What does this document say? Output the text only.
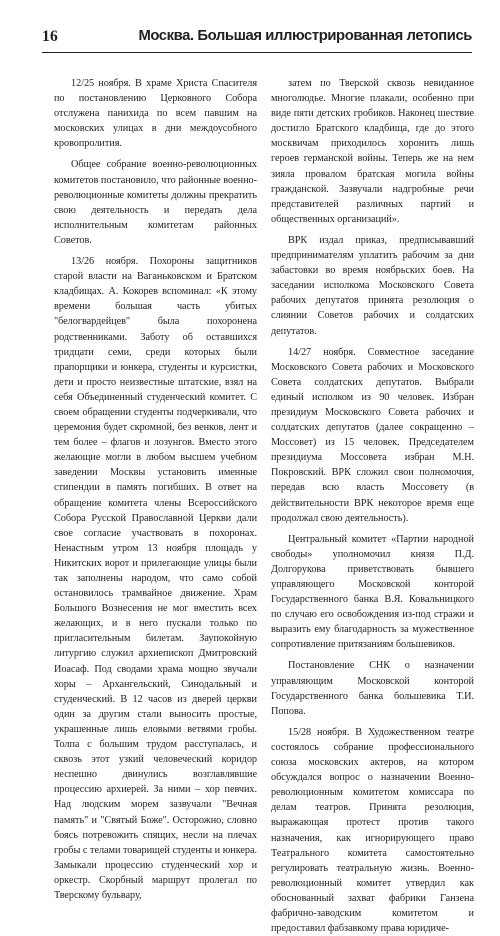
16	Москва. Большая иллюстрированная летопись

12/25 ноября. В храме Христа Спасителя по постановлению Церковного Собора отслужена панихида по всем павшим на московских улицах в дни междоусобного кровопролития.

Общее собрание военно-революционных комитетов постановило, что районные военно-революционные комитеты должны прекратить свою деятельность и передать дела исполнительным комитетам районных Советов.

13/26 ноября. Похороны защитников старой власти на Ваганьковском и Братском кладбищах. А. Кокорев вспоминал: «К этому времени большая часть убитых "белогвардейцев" была похоронена родственниками. Заботу об оставшихся тридцати семи, среди которых были прапорщики и юнкера, студенты и курсистки, дети и просто неизвестные штатские, взял на себя Объединенный студенческий комитет. С своем обращении студенты подчеркивали, что церемония будет скромной, без венков, лент и тем более – флагов и лозунгов. Вместо этого желающие могли в любом высшем учебном заведении Москвы установить именные стипендии в память погибших. В ответ на обращение комитета члены Всероссийского Собора Русской Православной Церкви дали свое согласие участвовать в похоронах. Ненастным утром 13 ноября площадь у Никитских ворот и прилегающие улицы были так заполнены народом, что само собой остановилось трамвайное движение. Храм Большого Вознесения не мог вместить всех желающих, и в него пускали только по пригласительным билетам. Заупокойную литургию служил архиепископ Дмитровский Иоасаф. Под сводами храма мощно звучали хоры – Архангельский, Синодальный и студенческий. В 12 часов из дверей церкви один за другим стали выносить простые, украшенные лишь еловыми ветвями гробы. Толпа с большим трудом расступалась, и сквозь этот узкий человеческий коридор неспешно двинулись возглавлявшие процессию архиерей. За ними – хор певчих. Над людским морем зазвучали "Вечная память" и "Святый Боже". Осторожно, словно боясь потревожить спящих, несли на плечах гробы с телами товарищей студенты и юнкера. Замыкали процессию студенческий хор и оркестр. Скорбный маршрут пролегал по Тверскому бульвару,

затем по Тверской сквозь невиданное многолюдье. Многие плакали, особенно при виде пяти детских гробиков. Наконец шествие достигло Братского кладбища, где до этого москвичам приходилось хоронить лишь героев германской войны. Теперь же на нем зияла провалом братская могила войны гражданской. Зазвучали надгробные речи представителей различных партий и общественных организаций».

ВРК издал приказ, предписывавший предпринимателям уплатить рабочим за дни забастовки во время ноябрьских боев. На заседании исполкома Московского Совета рабочих депутатов принята резолюция о слиянии Советов рабочих и солдатских депутатов.

14/27 ноября. Совместное заседание Московского Совета рабочих и Московского Совета солдатских депутатов. Выбрали единый исполком из 90 человек. Избран президиум Московского Совета рабочих и солдатских депутатов (далее сокращенно – Моссовет) из 15 человек. Председателем президиума Моссовета избран М.Н. Покровский. ВРК сложил свои полномочия, передав всю власть Моссовету (в действительности ВРК некоторое время еще продолжал свою деятельность).

Центральный комитет «Партии народной свободы» уполномочил князя П.Д. Долгорукова приветствовать бывшего управляющего Московской конторой Государственного банка В.Я. Ковальницкого по случаю его освобождения из-под стражи и выразить ему благодарность за мужественное сопротивление притязаниям большевиков.

Постановление СНК о назначении управляющим Московской конторой Государственного банка большевика Т.И. Попова.

15/28 ноября. В Художественном театре состоялось собрание профессионального союза московских актеров, на котором обсуждался вопрос о назначении Военно-революционным комитетом комиссара по делам театров. Принята резолюция, выражающая протест против такого назначения, как игнорирующего право Театрального комитета самостоятельно регулировать театральную жизнь. Военно-революционный комитет утвердил как обоснованный захват фабрики Ганзена фабрично-заводским комитетом и предоставил фабзавкому права юридиче-
